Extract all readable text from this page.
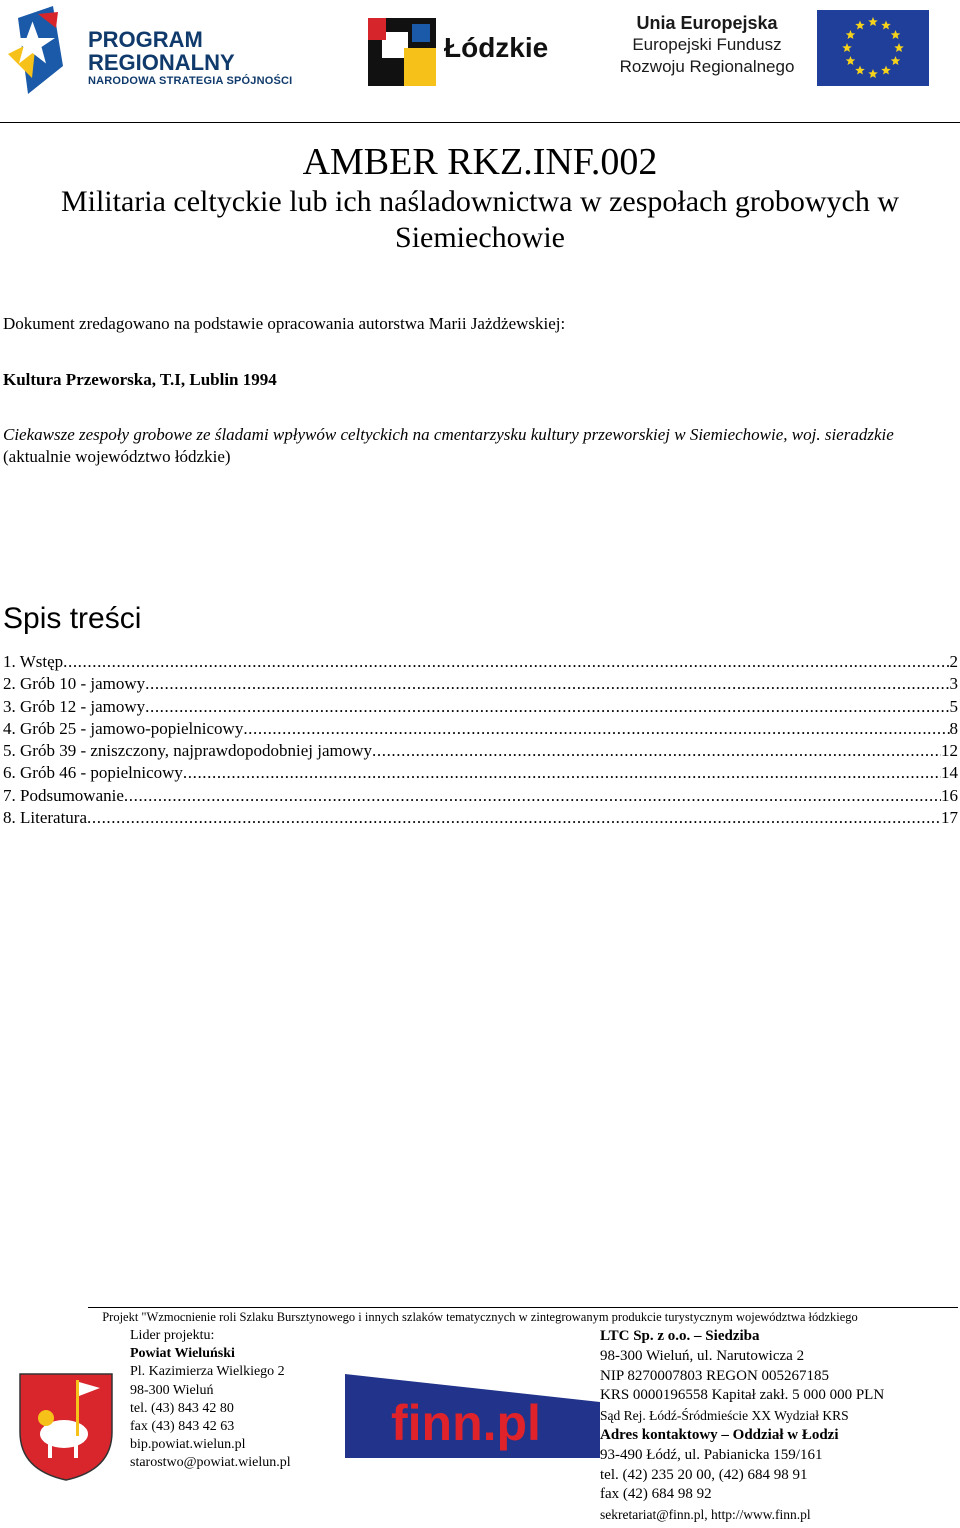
PROGRAM
REGIONALNY
NARODOWA STRATEGIA SPÓJNOŚCI
Łódzkie
Unia Europejska
Europejski Fundusz
Rozwoju Regionalnego
AMBER RKZ.INF.002
Militaria celtyckie lub ich naśladownictwa w zespołach grobowych w Siemiechowie
Dokument zredagowano na podstawie opracowania autorstwa Marii Jażdżewskiej:
Kultura Przeworska, T.I, Lublin 1994
Ciekawsze zespoły grobowe ze śladami wpływów celtyckich na cmentarzysku kultury przeworskiej w Siemiechowie, woj. sieradzkie (aktualnie województwo łódzkie)
Spis treści
1. Wstęp .....	2
2. Grób 10 - jamowy .....	3
3. Grób 12 - jamowy .....	5
4. Grób 25 - jamowo-popielnicowy .....	8
5. Grób 39 - zniszczony, najprawdopodobniej jamowy .....	12
6. Grób 46 - popielnicowy .....	14
7. Podsumowanie .....	16
8. Literatura .....	17
Projekt "Wzmocnienie roli Szlaku Bursztynowego i innych szlaków tematycznych w zintegrowanym produkcie turystycznym województwa łódzkiego
Lider projektu:
Powiat Wieluński
Pl. Kazimierza Wielkiego 2
98-300 Wieluń
tel. (43) 843 42 80
fax (43) 843 42 63
bip.powiat.wielun.pl
starostwo@powiat.wielun.pl
finn.pl
LTC Sp. z o.o. – Siedziba
98-300 Wieluń, ul. Narutowicza 2
NIP 8270007803 REGON 005267185
KRS 0000196558 Kapitał zakł. 5 000 000 PLN
Sąd Rej. Łódź-Śródmieście XX Wydział KRS
Adres kontaktowy – Oddział w Łodzi
93-490 Łódź, ul. Pabianicka 159/161
tel. (42) 235 20 00, (42) 684 98 91
fax (42) 684 98 92
sekretariat@finn.pl, http://www.finn.pl
